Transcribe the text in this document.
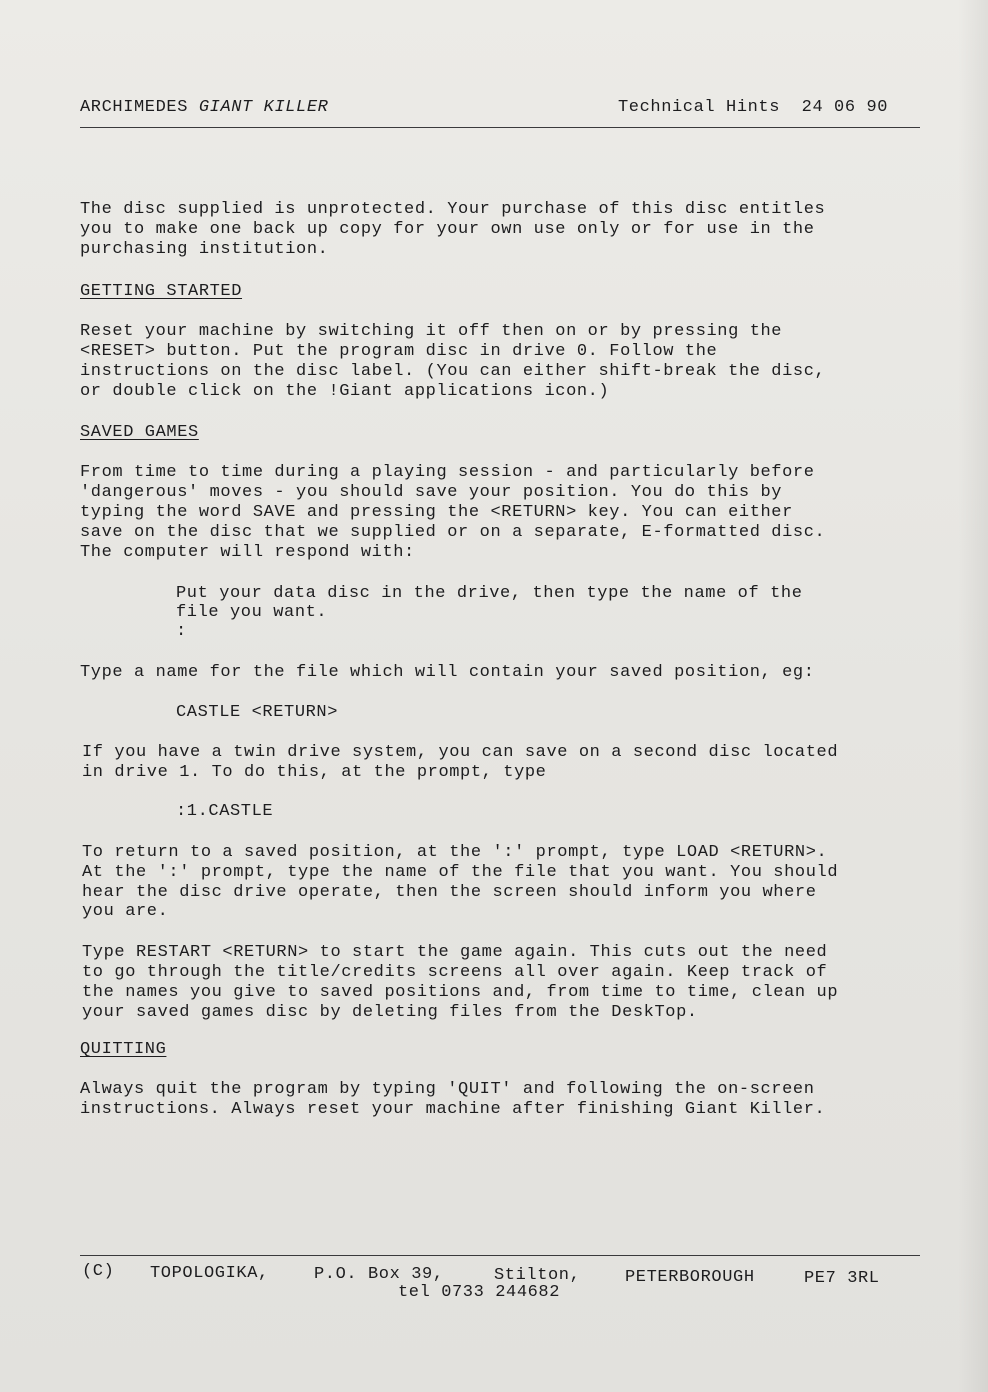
ARCHIMEDES GIANT KILLER	Technical Hints 24 06 90
The disc supplied is unprotected. Your purchase of this disc entitles
you to make one back up copy for your own use only or for use in the
purchasing institution.
GETTING STARTED
Reset your machine by switching it off then on or by pressing the
<RESET> button. Put the program disc in drive 0. Follow the
instructions on the disc label. (You can either shift-break the disc,
or double click on the !Giant applications icon.)
SAVED GAMES
From time to time during a playing session - and particularly before
'dangerous' moves - you should save your position. You do this by
typing the word SAVE and pressing the <RETURN> key. You can either
save on the disc that we supplied or on a separate, E-formatted disc.
The computer will respond with:
Put your data disc in the drive, then type the name of the
file you want.
:
Type a name for the file which will contain your saved position, eg:
CASTLE <RETURN>
If you have a twin drive system, you can save on a second disc located
in drive 1. To do this, at the prompt, type
:1.CASTLE
To return to a saved position, at the ':' prompt, type LOAD <RETURN>.
At the ':' prompt, type the name of the file that you want. You should
hear the disc drive operate, then the screen should inform you where
you are.
Type RESTART <RETURN> to start the game again. This cuts out the need
to go through the title/credits screens all over again. Keep track of
the names you give to saved positions and, from time to time, clean up
your saved games disc by deleting files from the DeskTop.
QUITTING
Always quit the program by typing 'QUIT' and following the on-screen
instructions. Always reset your machine after finishing Giant Killer.
(C) TOPOLOGIKA,	P.O. Box 39,	Stilton,	PETERBOROUGH	PE7 3RL
tel 0733 244682
